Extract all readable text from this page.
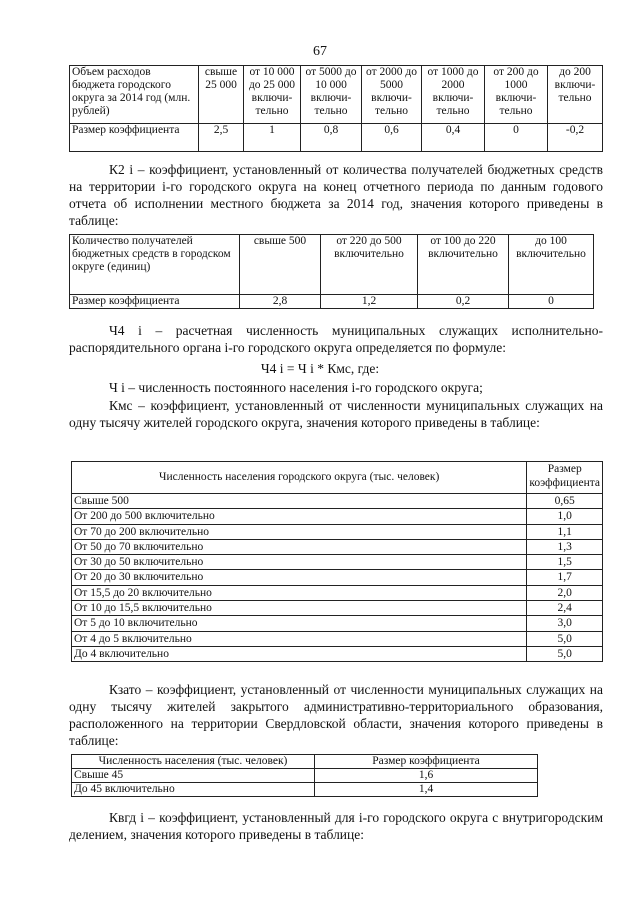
67
Объем расходов бюджета городского округа за 2014 год (млн. рублей)	свыше 25 000	от 10 000 до 25 000 включи-тельно	от 5000 до 10 000 включи-тельно	от 2000 до 5000 включи-тельно	от 1000 до 2000 включи-тельно	от 200 до 1000 включи-тельно	до 200 включи-тельно
Размер коэффициента	2,5	1	0,8	0,6	0,4	0	-0,2
К2 i – коэффициент, установленный от количества получателей бюджетных средств на территории i-го городского округа на конец отчетного периода по данным годового отчета об исполнении местного бюджета за 2014 год, значения которого приведены в таблице:
Количество получателей бюджетных средств в городском округе (единиц)	свыше 500	от 220 до 500 включительно	от 100 до 220 включительно	до 100 включительно
Размер коэффициента	2,8	1,2	0,2	0
Ч4 i – расчетная численность муниципальных служащих исполнительно-распорядительного органа i-го городского округа определяется по формуле:
Ч4 i = Ч i * Кмс, где:
Ч i – численность постоянного населения i-го городского округа;
Кмс – коэффициент, установленный от численности муниципальных служащих на одну тысячу жителей городского округа, значения которого приведены в таблице:
Численность населения городского округа (тыс. человек)	Размер коэффициента
Свыше 500	0,65
От 200 до 500 включительно	1,0
От 70 до 200 включительно	1,1
От 50 до 70 включительно	1,3
От 30 до 50 включительно	1,5
От 20 до 30 включительно	1,7
От 15,5 до 20 включительно	2,0
От 10 до 15,5 включительно	2,4
От 5 до 10 включительно	3,0
От 4 до 5 включительно	5,0
До 4 включительно	5,0
Кзато – коэффициент, установленный от численности муниципальных служащих на одну тысячу жителей закрытого административно-территориального образования, расположенного на территории Свердловской области, значения которого приведены в таблице:
Численность населения (тыс. человек)	Размер коэффициента
Свыше 45	1,6
До 45 включительно	1,4
Квгд i – коэффициент, установленный для i-го городского округа с внутригородским делением, значения которого приведены в таблице:
